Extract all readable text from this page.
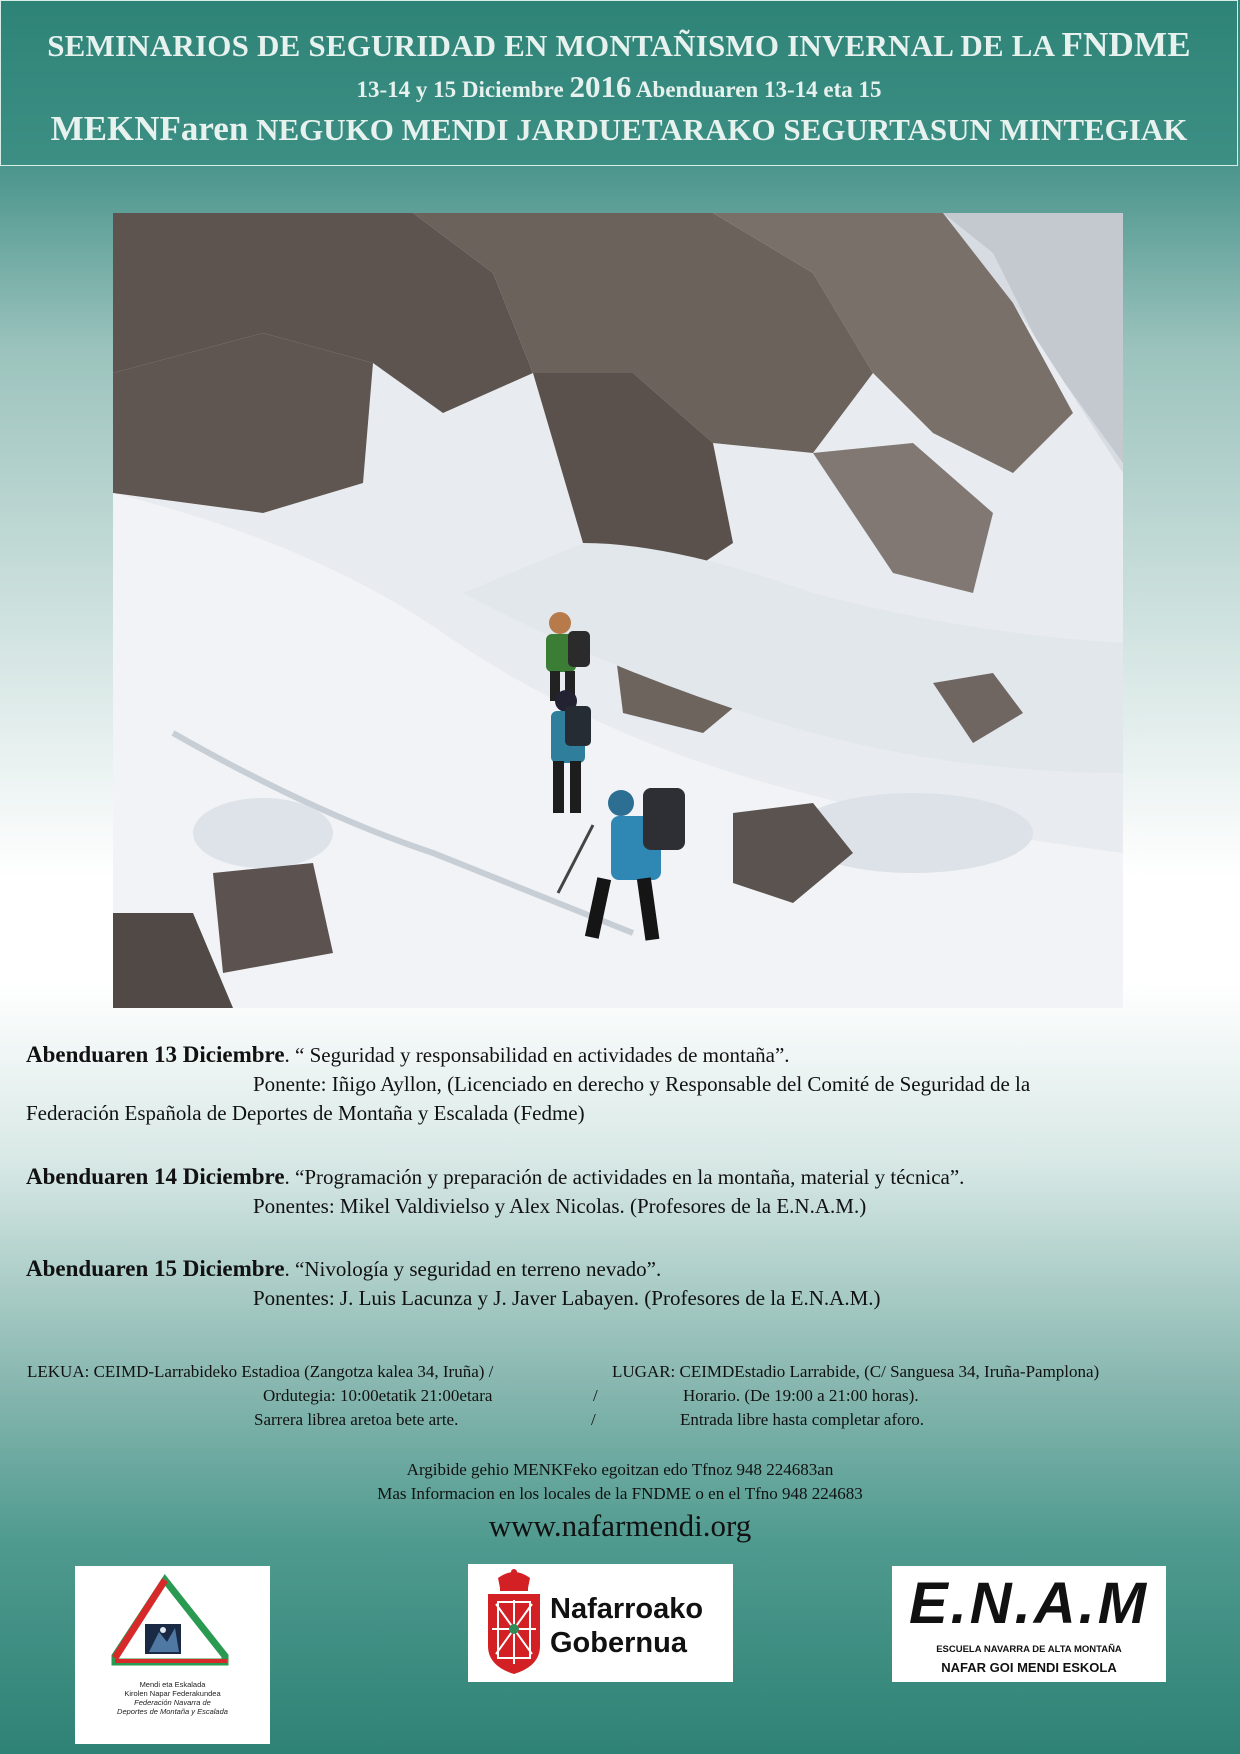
SEMINARIOS DE SEGURIDAD EN MONTAÑISMO INVERNAL DE LA FNDME
13-14 y 15 Diciembre 2016 Abenduaren 13-14 eta 15
MEKNFaren NEGUKO MENDI JARDUETARAKO SEGURTASUN MINTEGIAK
Abenduaren 13 Diciembre. “ Seguridad y responsabilidad en actividades de montaña”.
Ponente: Iñigo Ayllon, (Licenciado en derecho y Responsable del Comité de Seguridad de la
Federación Española de Deportes de Montaña y Escalada (Fedme)
Abenduaren 14 Diciembre. “Programación y preparación de actividades en la montaña, material y técnica”.
Ponentes: Mikel Valdivielso y Alex Nicolas. (Profesores de la E.N.A.M.)
Abenduaren 15 Diciembre. “Nivología y seguridad en terreno nevado”.
Ponentes: J. Luis Lacunza y J. Javer Labayen. (Profesores de la E.N.A.M.)
LEKUA: CEIMD-Larrabideko Estadioa (Zangotza kalea 34, Iruña) /	LUGAR: CEIMDEstadio Larrabide, (C/ Sanguesa 34, Iruña-Pamplona)
Ordutegia: 10:00etatik 21:00etara	/	Horario. (De 19:00 a 21:00 horas).
Sarrera librea aretoa bete arte.	/	Entrada libre hasta completar aforo.
Argibide gehio MENKFeko egoitzan edo Tfnoz 948 224683an
Mas Informacion en los locales de la FNDME o en el Tfno 948 224683
www.nafarmendi.org
Mendi eta Eskalada
Kirolen Napar Federakundea
Federación Navarra de
Deportes de Montaña y Escalada
Nafarroako
Gobernua
E.N.A.M
ESCUELA NAVARRA DE ALTA MONTAÑA
NAFAR GOI MENDI ESKOLA
